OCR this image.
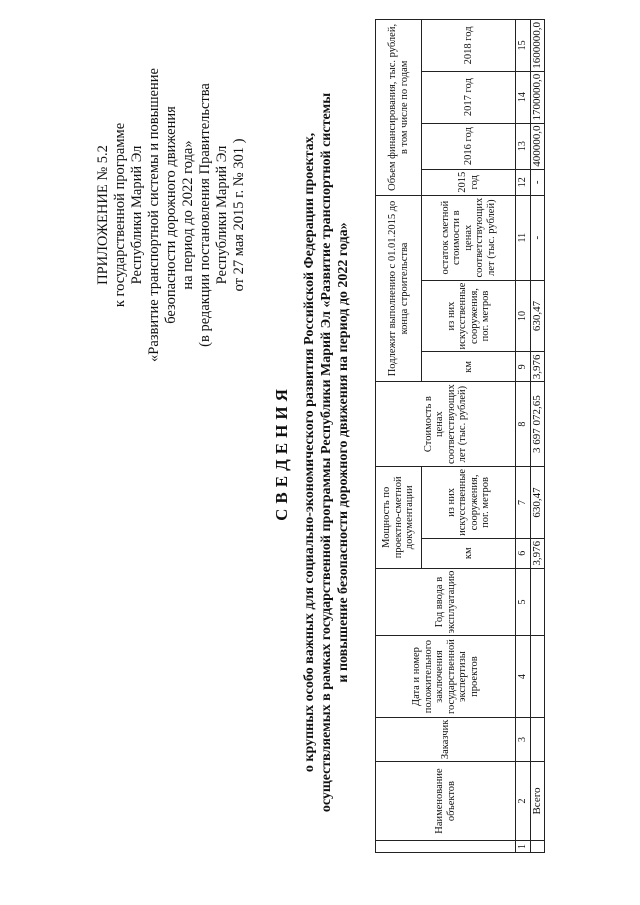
ПРИЛОЖЕНИЕ № 5.2 к государственной программе Республики Марий Эл «Развитие транспортной системы и повышение безопасности дорожного движения на период до 2022 года» (в редакции постановления Правительства Республики Марий Эл от 27 мая 2015 г. № 301 )
СВЕДЕНИЯ о крупных особо важных для социально-экономического развития Российской Федерации проектах, осуществляемых в рамках государственной программы Республики Марий Эл «Развитие транспортной системы и повышение безопасности дорожного движения на период до 2022 года»
	Наименование объектов	Заказчик	Дата и номер положительного заключения государственной экспертизы проектов	Год ввода в эксплуатацию	Мощность по проектно-сметной документации		Стоимость в ценах соответствующих лет (тыс. рублей)	Подлежит выполнению с 01.01.2015 до конца строительства			Объем финансирования, тыс. рублей, в том числе по годам			
					км	из них искусственные сооружения, пог. метров		км	из них искусственные сооружения, пог. метров	остаток сметной стоимости в ценах соответствующих лет (тыс. рублей)	2015 год	2016 год	2017 год	2018 год

1	2	3	4	5	6	7	8	9	10	11	12	13	14	15
	Всего				3,976	630,47	3 697 072,65	3,976	630,47	-	-	400000,0	1700000,0	1600000,0
